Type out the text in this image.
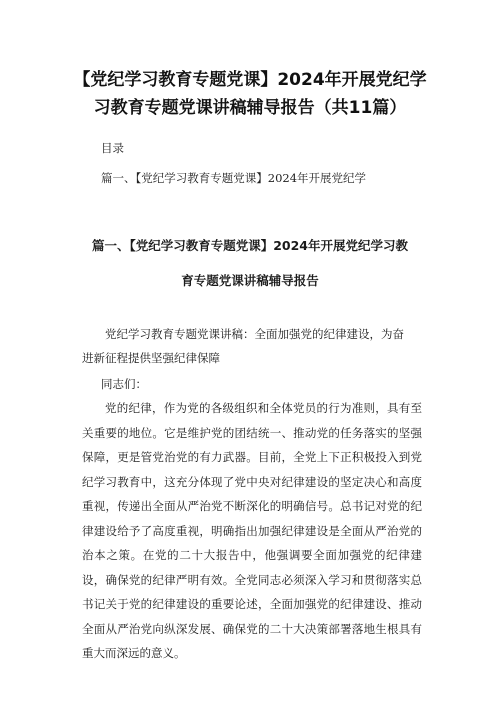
【党纪学习教育专题党课】2024年开展党纪学
习教育专题党课讲稿辅导报告（共11篇）
目录
篇一、【党纪学习教育专题党课】2024年开展党纪学
篇一、【党纪学习教育专题党课】2024年开展党纪学习教
育专题党课讲稿辅导报告

党纪学习教育专题党课讲稿：全面加强党的纪律建设，为奋

进新征程提供坚强纪律保障

同志们：
党的纪律，作为党的各级组织和全体党员的行为准则，具有至关重要的地位。它是维护党的团结统一、推动党的任务落实的坚强保障，更是管党治党的有力武器。目前，全党上下正积极投入到党纪学习教育中，这充分体现了党中央对纪律建设的坚定决心和高度重视，传递出全面从严治党不断深化的明确信号。总书记对党的纪律建设给予了高度重视，明确指出加强纪律建设是全面从严治党的治本之策。在党的二十大报告中，他强调要全面加强党的纪律建设，确保党的纪律严明有效。全党同志必须深入学习和贯彻落实总书记关于党的纪律建设的重要论述，全面加强党的纪律建设、推动全面从严治党向纵深发展、确保党的二十大决策部署落地生根具有重大而深远的意义。
